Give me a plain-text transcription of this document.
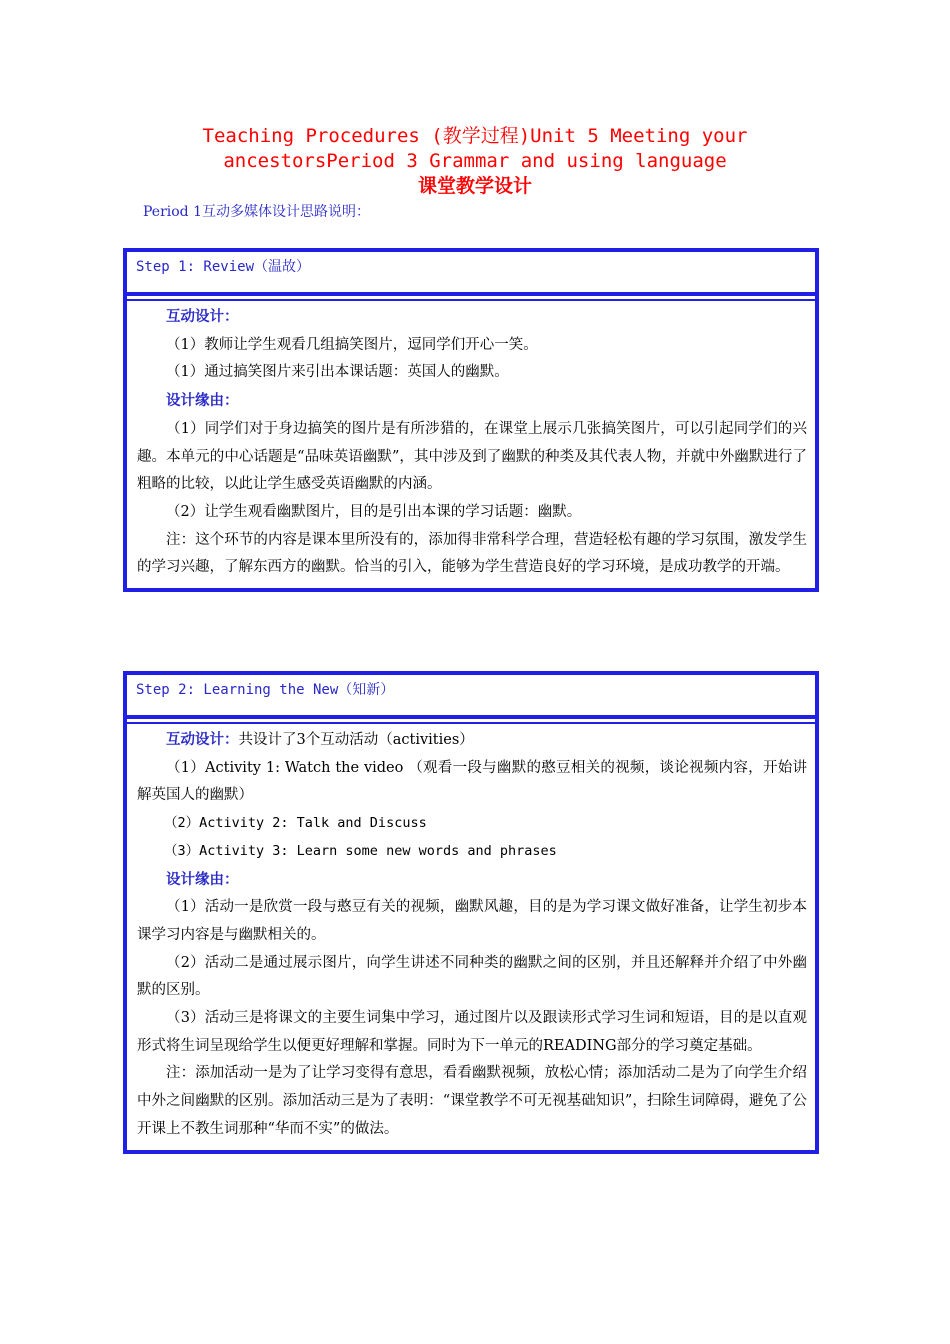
Teaching Procedures (教学过程)Unit 5 Meeting your
ancestorsPeriod 3 Grammar and using language
课堂教学设计
Period 1互动多媒体设计思路说明：
Step 1: Review（温故）

互动设计：

（1）教师让学生观看几组搞笑图片，逗同学们开心一笑。

（1）通过搞笑图片来引出本课话题：英国人的幽默。

设计缘由：

（1）同学们对于身边搞笑的图片是有所涉猎的，在课堂上展示几张搞笑图片，可以引起同学们的兴趣。本单元的中心话题是“品味英语幽默”，其中涉及到了幽默的种类及其代表人物，并就中外幽默进行了粗略的比较，以此让学生感受英语幽默的内涵。

（2）让学生观看幽默图片，目的是引出本课的学习话题：幽默。

注：这个环节的内容是课本里所没有的，添加得非常科学合理，营造轻松有趣的学习氛围，激发学生的学习兴趣，了解东西方的幽默。恰当的引入，能够为学生营造良好的学习环境，是成功教学的开端。

Step 2: Learning the New（知新）

互动设计：共设计了3个互动活动（activities）

（1）Activity 1: Watch the video （观看一段与幽默的憨豆相关的视频，谈论视频内容，开始讲解英国人的幽默）

（2）Activity 2: Talk and Discuss

（3）Activity 3: Learn some new words and phrases

设计缘由：

（1）活动一是欣赏一段与憨豆有关的视频，幽默风趣，目的是为学习课文做好准备，让学生初步本课学习内容是与幽默相关的。

（2）活动二是通过展示图片，向学生讲述不同种类的幽默之间的区别，并且还解释并介绍了中外幽默的区别。

（3）活动三是将课文的主要生词集中学习，通过图片以及跟读形式学习生词和短语，目的是以直观形式将生词呈现给学生以便更好理解和掌握。同时为下一单元的READING部分的学习奠定基础。

注：添加活动一是为了让学习变得有意思，看看幽默视频，放松心情；添加活动二是为了向学生介绍中外之间幽默的区别。添加活动三是为了表明：“课堂教学不可无视基础知识”，扫除生词障碍，避免了公开课上不教生词那种“华而不实”的做法。
